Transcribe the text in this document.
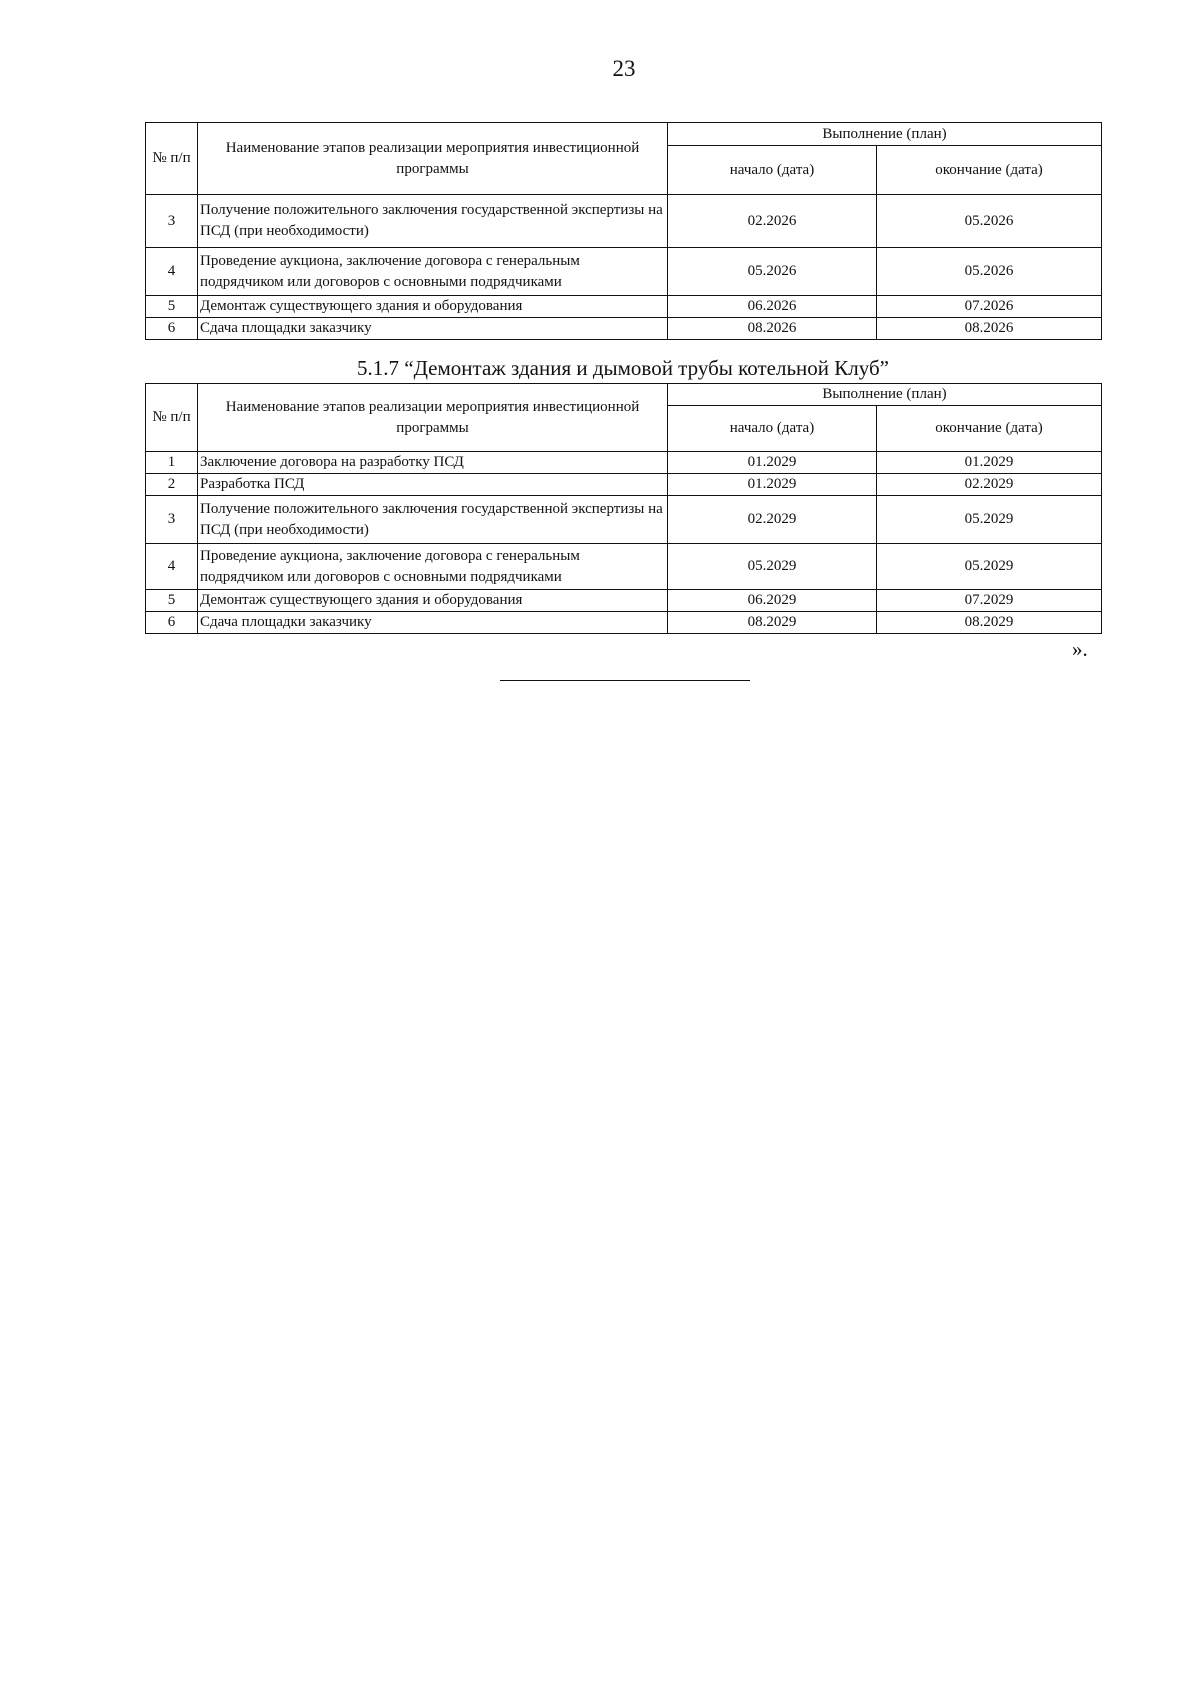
23
№ п/п	Наименование этапов реализации мероприятия инвестиционной программы	Выполнение (план)	
		начало (дата)	окончание (дата)
3	Получение положительного заключения государственной экспертизы на ПСД (при необходимости)	02.2026	05.2026
4	Проведение аукциона, заключение договора с генеральным подрядчиком или договоров с основными подрядчиками	05.2026	05.2026
5	Демонтаж существующего здания и оборудования	06.2026	07.2026
6	Сдача площадки заказчику	08.2026	08.2026
5.1.7 “Демонтаж здания и дымовой трубы котельной Клуб”
№ п/п	Наименование этапов реализации мероприятия инвестиционной программы	Выполнение (план)	
		начало (дата)	окончание (дата)
1	Заключение договора на разработку ПСД	01.2029	01.2029
2	Разработка ПСД	01.2029	02.2029
3	Получение положительного заключения государственной экспертизы на ПСД (при необходимости)	02.2029	05.2029
4	Проведение аукциона, заключение договора с генеральным подрядчиком или договоров с основными подрядчиками	05.2029	05.2029
5	Демонтаж существующего здания и оборудования	06.2029	07.2029
6	Сдача площадки заказчику	08.2029	08.2029
».
